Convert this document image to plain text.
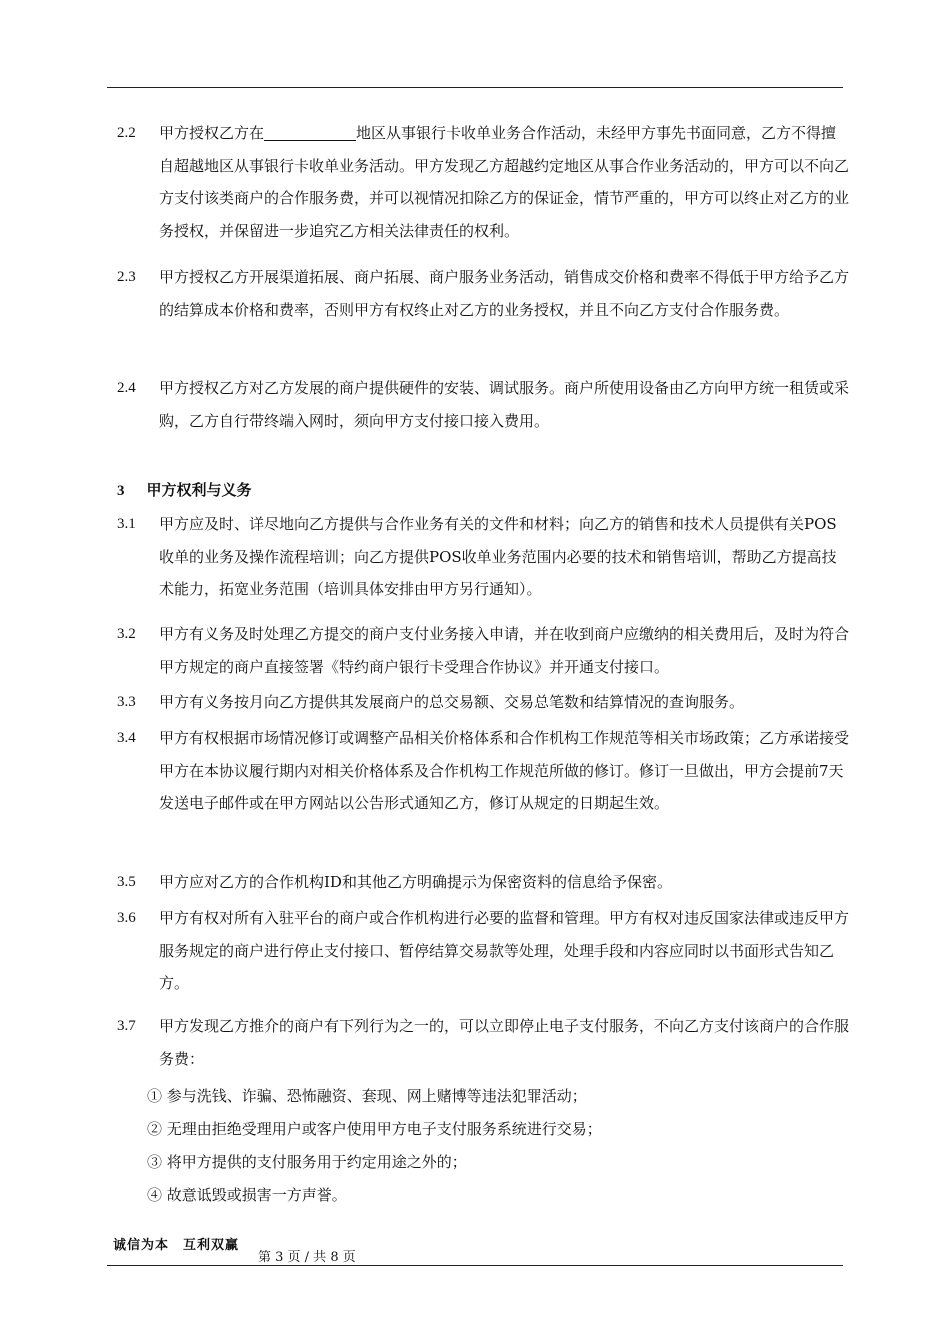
2.2 甲方授权乙方在	地区从事银行卡收单业务合作活动，未经甲方事先书面同意，乙方不得擅自超越地区从事银行卡收单业务活动。甲方发现乙方超越约定地区从事合作业务活动的，甲方可以不向乙方支付该类商户的合作服务费，并可以视情况扣除乙方的保证金，情节严重的，甲方可以终止对乙方的业务授权，并保留进一步追究乙方相关法律责任的权利。
2.3 甲方授权乙方开展渠道拓展、商户拓展、商户服务业务活动，销售成交价格和费率不得低于甲方给予乙方的结算成本价格和费率，否则甲方有权终止对乙方的业务授权，并且不向乙方支付合作服务费。
2.4 甲方授权乙方对乙方发展的商户提供硬件的安装、调试服务。商户所使用设备由乙方向甲方统一租赁或采购，乙方自行带终端入网时，须向甲方支付接口接入费用。
3 甲方权利与义务
3.1 甲方应及时、详尽地向乙方提供与合作业务有关的文件和材料；向乙方的销售和技术人员提供有关POS收单的业务及操作流程培训；向乙方提供POS收单业务范围内必要的技术和销售培训，帮助乙方提高技术能力，拓宽业务范围（培训具体安排由甲方另行通知）。
3.2 甲方有义务及时处理乙方提交的商户支付业务接入申请，并在收到商户应缴纳的相关费用后，及时为符合甲方规定的商户直接签署《特约商户银行卡受理合作协议》并开通支付接口。
3.3 甲方有义务按月向乙方提供其发展商户的总交易额、交易总笔数和结算情况的查询服务。
3.4 甲方有权根据市场情况修订或调整产品相关价格体系和合作机构工作规范等相关市场政策；乙方承诺接受甲方在本协议履行期内对相关价格体系及合作机构工作规范所做的修订。修订一旦做出，甲方会提前7天发送电子邮件或在甲方网站以公告形式通知乙方，修订从规定的日期起生效。
3.5 甲方应对乙方的合作机构ID和其他乙方明确提示为保密资料的信息给予保密。
3.6 甲方有权对所有入驻平台的商户或合作机构进行必要的监督和管理。甲方有权对违反国家法律或违反甲方服务规定的商户进行停止支付接口、暂停结算交易款等处理，处理手段和内容应同时以书面形式告知乙方。
3.7 甲方发现乙方推介的商户有下列行为之一的，可以立即停止电子支付服务，不向乙方支付该商户的合作服务费：
① 参与洗钱、诈骗、恐怖融资、套现、网上赌博等违法犯罪活动；
② 无理由拒绝受理用户或客户使用甲方电子支付服务系统进行交易；
③ 将甲方提供的支付服务用于约定用途之外的；
④ 故意诋毁或损害一方声誉。
诚信为本　互利双赢
第 3 页 / 共 8 页
